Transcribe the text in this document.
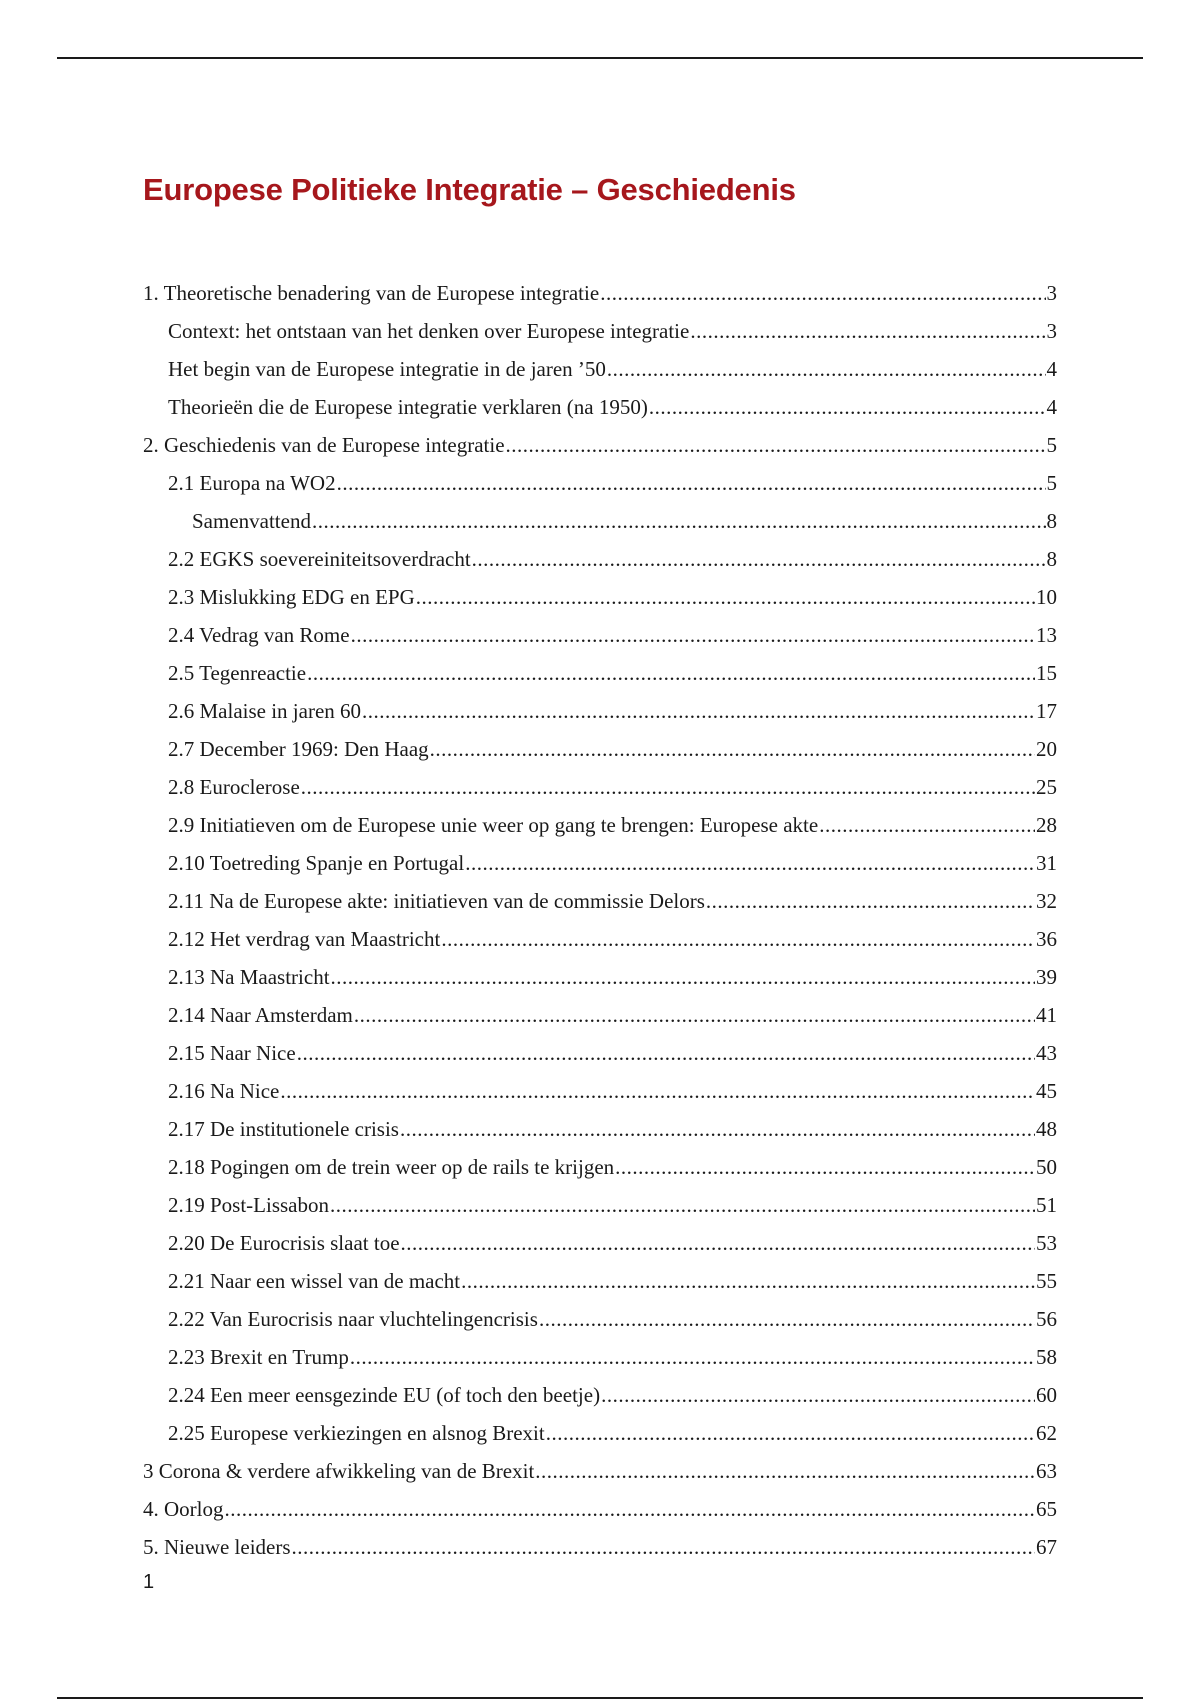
Europese Politieke Integratie – Geschiedenis
1. Theoretische benadering van de Europese integratie .....	3
Context: het ontstaan van het denken over Europese integratie .....	3
Het begin van de Europese integratie in de jaren ’50 .....	4
Theorieën die de Europese integratie verklaren (na 1950) .....	4
2. Geschiedenis van de Europese integratie .....	5
2.1 Europa na WO2 .....	5
Samenvattend .....	8
2.2 EGKS soevereiniteitsoverdracht .....	8
2.3 Mislukking EDG en EPG .....	10
2.4 Vedrag van Rome .....	13
2.5 Tegenreactie .....	15
2.6 Malaise in jaren 60 .....	17
2.7 December 1969: Den Haag .....	20
2.8 Euroclerose .....	25
2.9 Initiatieven om de Europese unie weer op gang te brengen: Europese akte .....	28
2.10 Toetreding Spanje en Portugal .....	31
2.11 Na de Europese akte: initiatieven van de commissie Delors .....	32
2.12 Het verdrag van Maastricht .....	36
2.13 Na Maastricht .....	39
2.14 Naar Amsterdam .....	41
2.15 Naar Nice .....	43
2.16 Na Nice .....	45
2.17 De institutionele crisis .....	48
2.18 Pogingen om de trein weer op de rails te krijgen .....	50
2.19 Post-Lissabon .....	51
2.20 De Eurocrisis slaat toe .....	53
2.21 Naar een wissel van de macht .....	55
2.22 Van Eurocrisis naar vluchtelingencrisis .....	56
2.23 Brexit en Trump .....	58
2.24 Een meer eensgezinde EU (of toch den beetje) .....	60
2.25 Europese verkiezingen en alsnog Brexit .....	62
3 Corona & verdere afwikkeling van de Brexit .....	63
4. Oorlog .....	65
5. Nieuwe leiders .....	67
1
